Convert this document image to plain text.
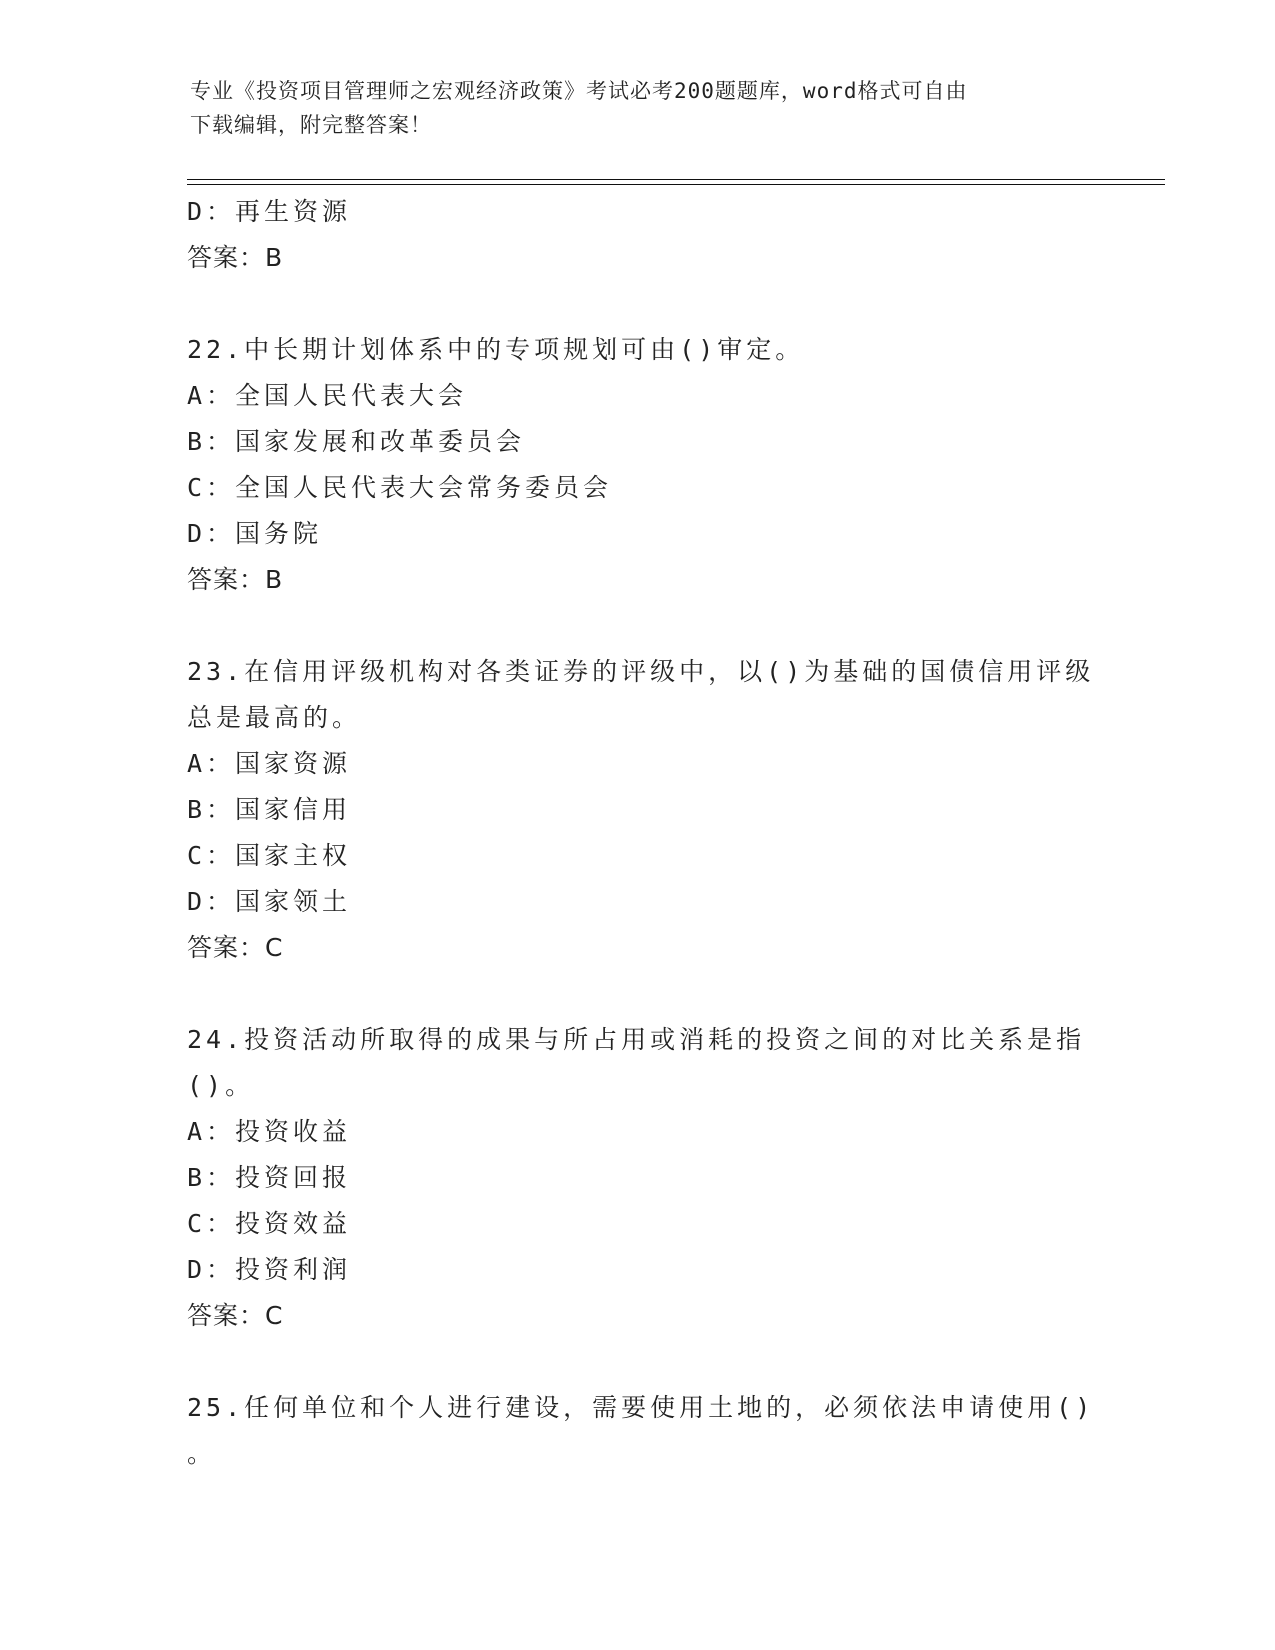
专业《投资项目管理师之宏观经济政策》考试必考200题题库，word格式可自由
下载编辑，附完整答案！
D：再生资源
答案：B
22.中长期计划体系中的专项规划可由()审定。
A：全国人民代表大会
B：国家发展和改革委员会
C：全国人民代表大会常务委员会
D：国务院
答案：B
23.在信用评级机构对各类证券的评级中，以()为基础的国债信用评级
总是最高的。
A：国家资源
B：国家信用
C：国家主权
D：国家领土
答案：C
24.投资活动所取得的成果与所占用或消耗的投资之间的对比关系是指
()。
A：投资收益
B：投资回报
C：投资效益
D：投资利润
答案：C
25.任何单位和个人进行建设，需要使用土地的，必须依法申请使用()
。
